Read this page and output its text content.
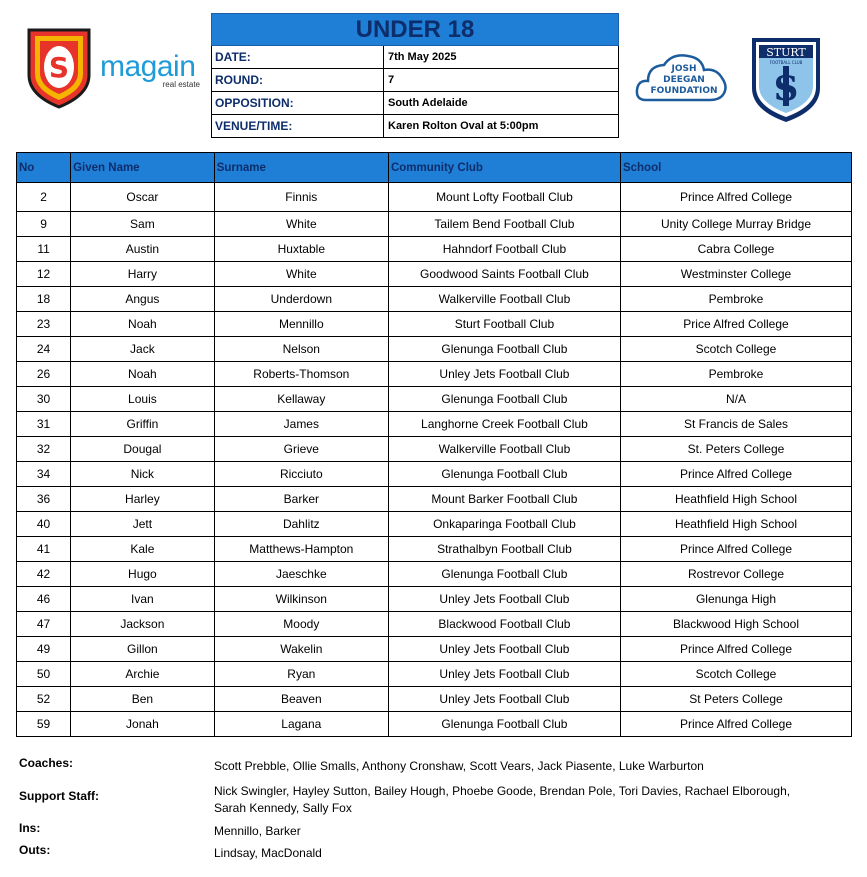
S magain
real estate
UNDER 18
DATE:	7th May 2025
ROUND:	7
OPPOSITION:	South Adelaide
VENUE/TIME:	Karen Rolton Oval at 5:00pm
JOSH
DEEGAN
FOUNDATION
STURT
FOOTBALL CLUB
S
No	Given Name	Surname	Community Club	School
2	Oscar	Finnis	Mount Lofty Football Club	Prince Alfred College
9	Sam	White	Tailem Bend Football Club	Unity College Murray Bridge
11	Austin	Huxtable	Hahndorf Football Club	Cabra College
12	Harry	White	Goodwood Saints Football Club	Westminster College
18	Angus	Underdown	Walkerville Football Club	Pembroke
23	Noah	Mennillo	Sturt Football Club	Price Alfred College
24	Jack	Nelson	Glenunga Football Club	Scotch College
26	Noah	Roberts-Thomson	Unley Jets Football Club	Pembroke
30	Louis	Kellaway	Glenunga Football Club	N/A
31	Griffin	James	Langhorne Creek Football Club	St Francis de Sales
32	Dougal	Grieve	Walkerville Football Club	St. Peters College
34	Nick	Ricciuto	Glenunga Football Club	Prince Alfred College
36	Harley	Barker	Mount Barker Football Club	Heathfield High School
40	Jett	Dahlitz	Onkaparinga Football Club	Heathfield High School
41	Kale	Matthews-Hampton	Strathalbyn Football Club	Prince Alfred College
42	Hugo	Jaeschke	Glenunga Football Club	Rostrevor College
46	Ivan	Wilkinson	Unley Jets Football Club	Glenunga High
47	Jackson	Moody	Blackwood Football Club	Blackwood High School
49	Gillon	Wakelin	Unley Jets Football Club	Prince Alfred College
50	Archie	Ryan	Unley Jets Football Club	Scotch College
52	Ben	Beaven	Unley Jets Football Club	St Peters College
59	Jonah	Lagana	Glenunga Football Club	Prince Alfred College
Coaches:	Scott Prebble, Ollie Smalls, Anthony Cronshaw, Scott Vears, Jack Piasente, Luke Warburton
Support Staff:	Nick Swingler, Hayley Sutton, Bailey Hough, Phoebe Goode, Brendan Pole, Tori Davies, Rachael Elborough,
Sarah Kennedy, Sally Fox
Ins:	Mennillo, Barker
Outs:	Lindsay, MacDonald
